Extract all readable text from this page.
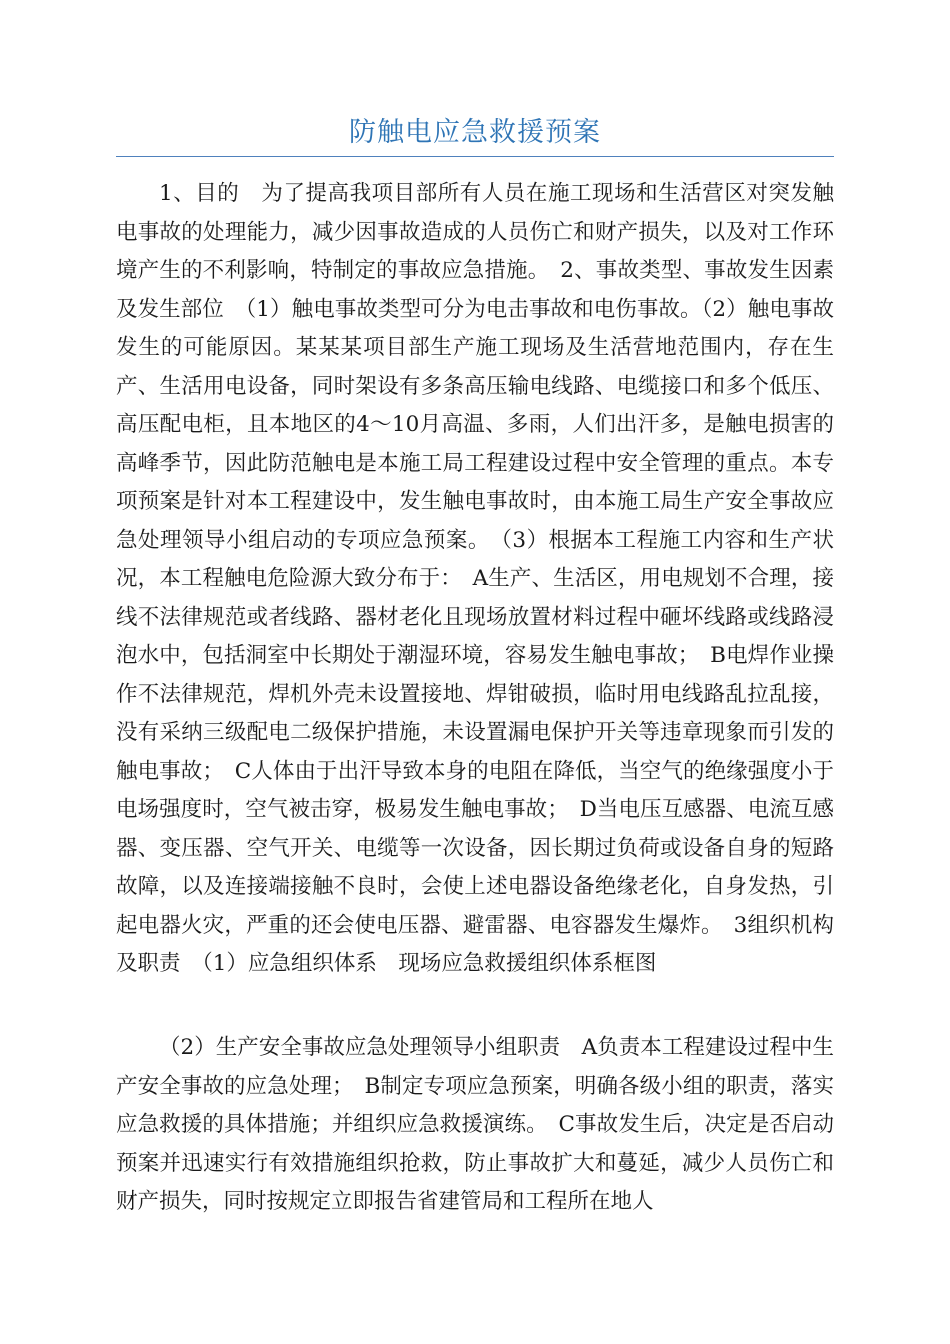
防触电应急救援预案

1、目的　为了提高我项目部所有人员在施工现场和生活营区对突发触电事故的处理能力，减少因事故造成的人员伤亡和财产损失，以及对工作环境产生的不利影响，特制定的事故应急措施。　2、事故类型、事故发生因素及发生部位　（1）触电事故类型可分为电击事故和电伤事故。（2）触电事故发生的可能原因。某某某项目部生产施工现场及生活营地范围内，存在生产、生活用电设备，同时架设有多条高压输电线路、电缆接口和多个低压、高压配电柜，且本地区的4～10月高温、多雨，人们出汗多，是触电损害的高峰季节，因此防范触电是本施工局工程建设过程中安全管理的重点。本专项预案是针对本工程建设中，发生触电事故时，由本施工局生产安全事故应急处理领导小组启动的专项应急预案。　（3）根据本工程施工内容和生产状况，本工程触电危险源大致分布于：　A生产、生活区，用电规划不合理，接线不法律规范或者线路、器材老化且现场放置材料过程中砸坏线路或线路浸泡水中，包括洞室中长期处于潮湿环境，容易发生触电事故；　B电焊作业操作不法律规范，焊机外壳未设置接地、焊钳破损，临时用电线路乱拉乱接，没有采纳三级配电二级保护措施，未设置漏电保护开关等违章现象而引发的触电事故；　C人体由于出汗导致本身的电阻在降低，当空气的绝缘强度小于电场强度时，空气被击穿，极易发生触电事故；　D当电压互感器、电流互感器、变压器、空气开关、电缆等一次设备，因长期过负荷或设备自身的短路故障，以及连接端接触不良时，会使上述电器设备绝缘老化，自身发热，引起电器火灾，严重的还会使电压器、避雷器、电容器发生爆炸。　3组织机构及职责　（1）应急组织体系　现场应急救援组织体系框图

（2）生产安全事故应急处理领导小组职责　A负责本工程建设过程中生产安全事故的应急处理；　B制定专项应急预案，明确各级小组的职责，落实应急救援的具体措施；并组织应急救援演练。　C事故发生后，决定是否启动预案并迅速实行有效措施组织抢救，防止事故扩大和蔓延，减少人员伤亡和财产损失，同时按规定立即报告省建管局和工程所在地人
